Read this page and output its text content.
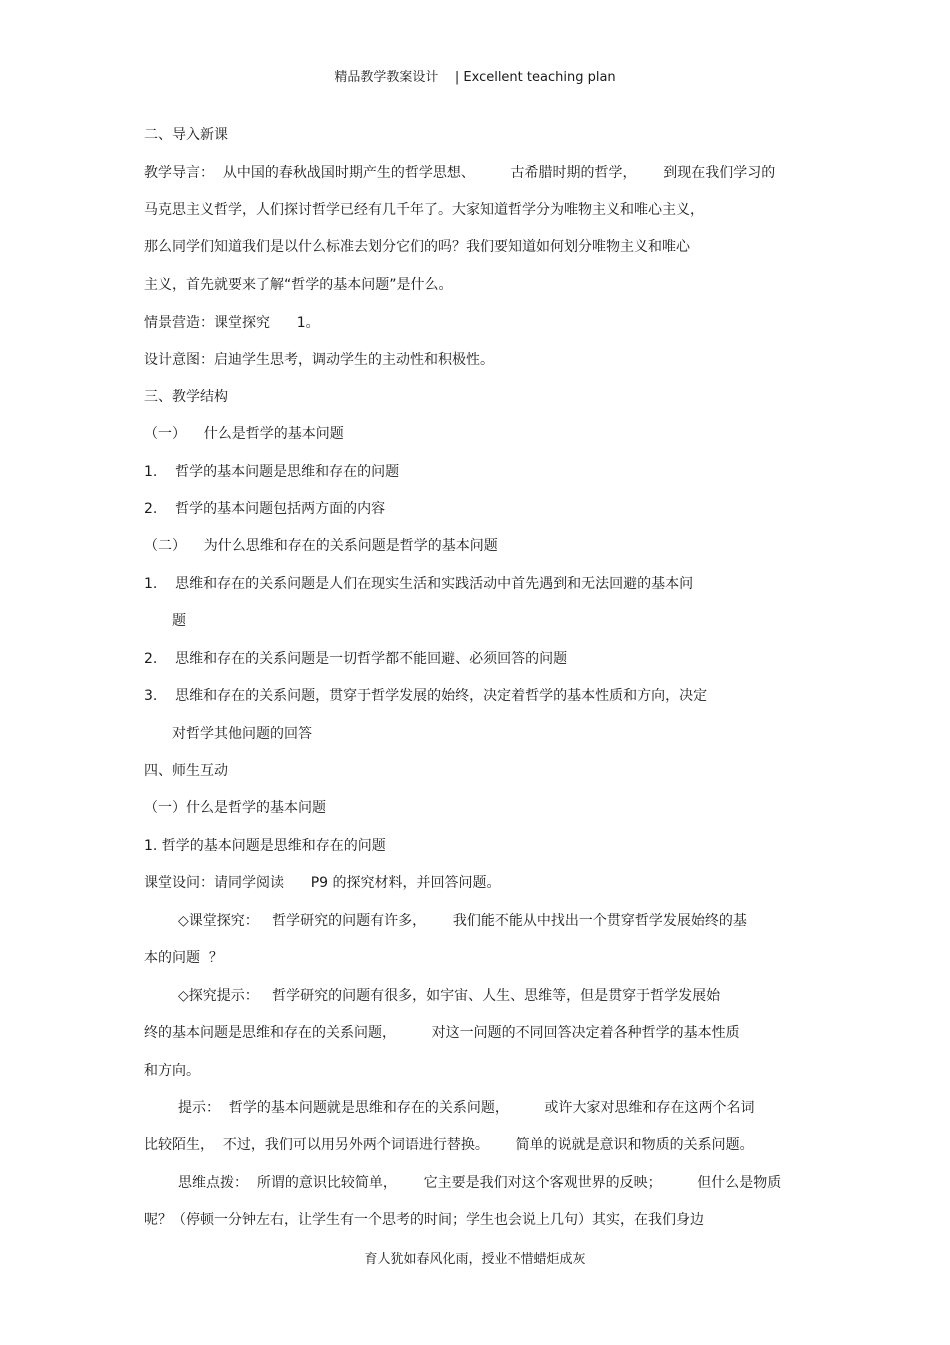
精品教学教案设计    | Excellent teaching plan
二、导入新课
教学导言：  从中国的春秋战国时期产生的哲学思想、        古希腊时期的哲学，      到现在我们学习的
马克思主义哲学，人们探讨哲学已经有几千年了。大家知道哲学分为唯物主义和唯心主义，
那么同学们知道我们是以什么标准去划分它们的吗？我们要知道如何划分唯物主义和唯心
主义，首先就要来了解“哲学的基本问题”是什么。
情景营造：课堂探究      1。
设计意图：启迪学生思考，调动学生的主动性和积极性。
三、教学结构
（一）    什么是哲学的基本问题
1.    哲学的基本问题是思维和存在的问题
2.    哲学的基本问题包括两方面的内容
（二）    为什么思维和存在的关系问题是哲学的基本问题
1.    思维和存在的关系问题是人们在现实生活和实践活动中首先遇到和无法回避的基本问
题
2.    思维和存在的关系问题是一切哲学都不能回避、必须回答的问题
3.    思维和存在的关系问题，贯穿于哲学发展的始终，决定着哲学的基本性质和方向，决定
对哲学其他问题的回答
四、师生互动
（一）什么是哲学的基本问题
1. 哲学的基本问题是思维和存在的问题
课堂设问：请同学阅读      P9 的探究材料，并回答问题。
◇课堂探究：   哲学研究的问题有许多，      我们能不能从中找出一个贯穿哲学发展始终的基
本的问题  ？
◇探究提示：   哲学研究的问题有很多，如宇宙、人生、思维等，但是贯穿于哲学发展始
终的基本问题是思维和存在的关系问题，        对这一问题的不同回答决定着各种哲学的基本性质
和方向。
提示：  哲学的基本问题就是思维和存在的关系问题，        或许大家对思维和存在这两个名词
比较陌生，  不过，我们可以用另外两个词语进行替换。      简单的说就是意识和物质的关系问题。
思维点拨：  所谓的意识比较简单，      它主要是我们对这个客观世界的反映；        但什么是物质
呢？（停顿一分钟左右，让学生有一个思考的时间；学生也会说上几句）其实，在我们身边
育人犹如春风化雨，授业不惜蜡炬成灰
